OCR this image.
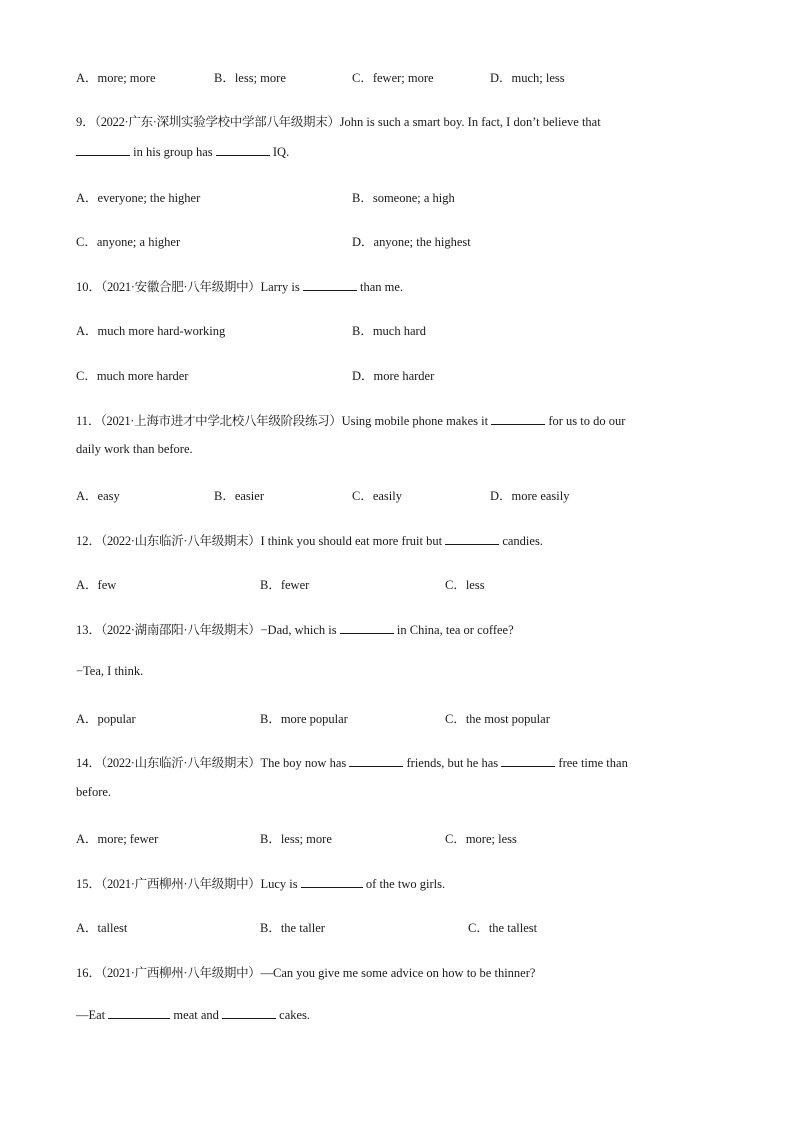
A．more; more	B．less; more	C．fewer; more	D．much; less
9．（2022·广东·深圳实验学校中学部八年级期末）John is such a smart boy. In fact, I don’t believe that
in his group has	IQ.
A．everyone; the higher	B．someone; a high
C．anyone; a higher	D．anyone; the highest
10．（2021·安徽合肥·八年级期中）Larry is	than me.
A．much more hard-working	B．much hard
C．much more harder	D．more harder
11．（2021·上海市进才中学北校八年级阶段练习）Using mobile phone makes it	for us to do our
daily work than before.
A．easy	B．easier	C．easily	D．more easily
12．（2022·山东临沂·八年级期末）I think you should eat more fruit but	candies.
A．few	B．fewer	C．less
13．（2022·湖南邵阳·八年级期末）−Dad, which is	in China, tea or coffee?
−Tea, I think.
A．popular	B．more popular	C．the most popular
14．（2022·山东临沂·八年级期末）The boy now has	friends, but he has	free time than
before.
A．more; fewer	B．less; more	C．more; less
15．（2021·广西柳州·八年级期中）Lucy is	of the two girls.
A．tallest	B．the taller	C．the tallest
16．（2021·广西柳州·八年级期中）—Can you give me some advice on how to be thinner?
—Eat	meat and	cakes.
